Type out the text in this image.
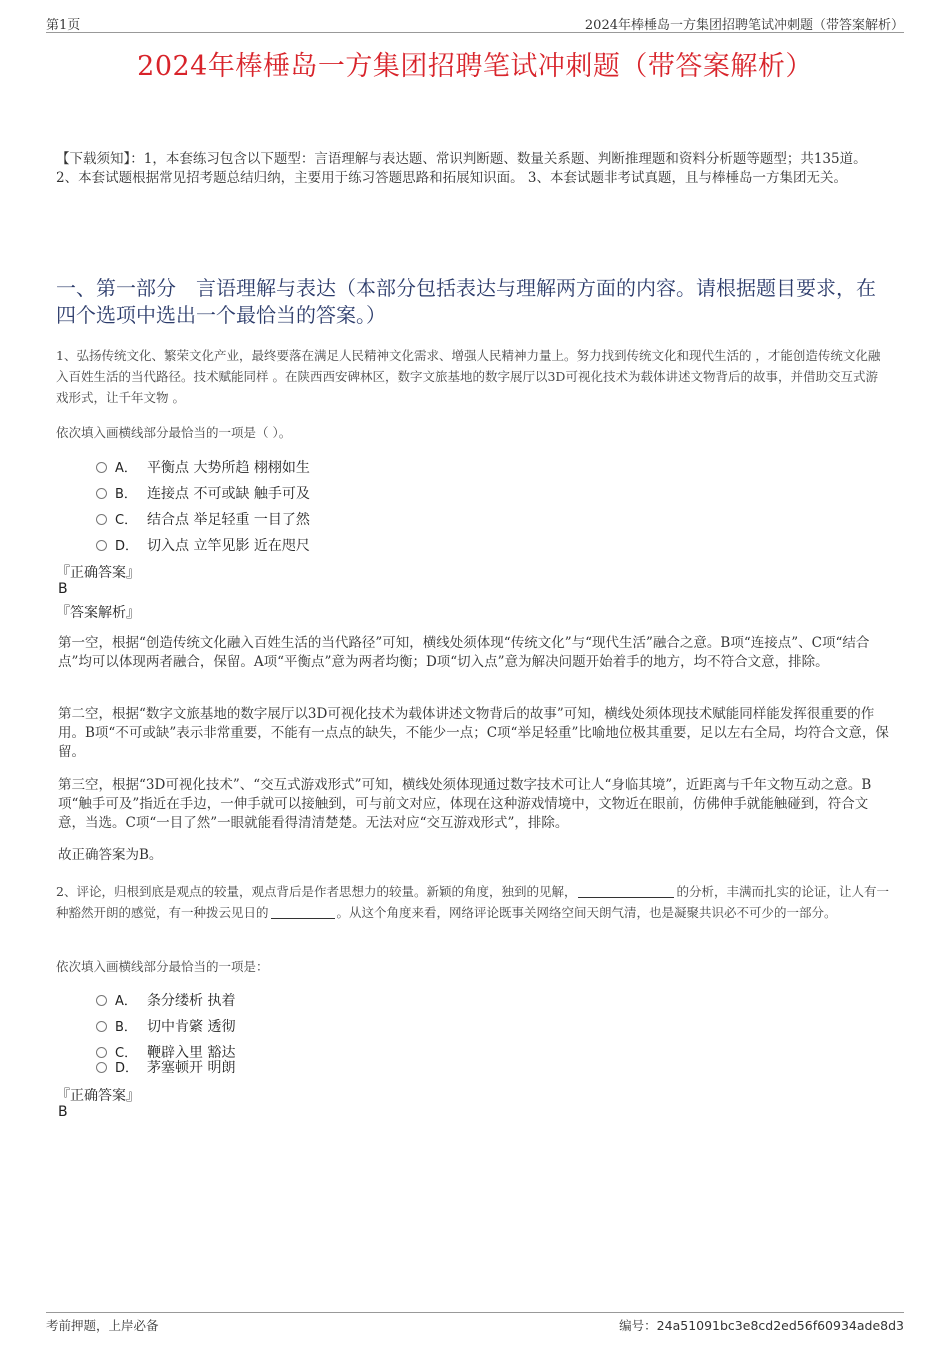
第1页	2024年棒棰岛一方集团招聘笔试冲刺题（带答案解析）
2024年棒棰岛一方集团招聘笔试冲刺题（带答案解析）
【下载须知】：1，本套练习包含以下题型：言语理解与表达题、常识判断题、数量关系题、判断推理题和资料分析题等题型；共135道。 2、本套试题根据常见招考题总结归纳，主要用于练习答题思路和拓展知识面。 3、本套试题非考试真题，且与棒棰岛一方集团无关。
一、第一部分　言语理解与表达（本部分包括表达与理解两方面的内容。请根据题目要求，在四个选项中选出一个最恰当的答案。）
1、弘扬传统文化、繁荣文化产业，最终要落在满足人民精神文化需求、增强人民精神力量上。努力找到传统文化和现代生活的 ，才能创造传统文化融入百姓生活的当代路径。技术赋能同样 。在陕西西安碑林区，数字文旅基地的数字展厅以3D可视化技术为载体讲述文物背后的故事，并借助交互式游戏形式，让千年文物 。
依次填入画横线部分最恰当的一项是（ ）。
A． 平衡点 大势所趋 栩栩如生
B． 连接点 不可或缺 触手可及
C． 结合点 举足轻重 一目了然
D． 切入点 立竿见影 近在咫尺
『正确答案』
B
『答案解析』
第一空，根据“创造传统文化融入百姓生活的当代路径”可知，横线处须体现“传统文化”与“现代生活”融合之意。B项“连接点”、C项“结合点”均可以体现两者融合，保留。A项“平衡点”意为两者均衡；D项“切入点”意为解决问题开始着手的地方，均不符合文意，排除。
第二空，根据“数字文旅基地的数字展厅以3D可视化技术为载体讲述文物背后的故事”可知，横线处须体现技术赋能同样能发挥很重要的作用。B项“不可或缺”表示非常重要，不能有一点点的缺失，不能少一点；C项“举足轻重”比喻地位极其重要，足以左右全局，均符合文意，保留。
第三空，根据“3D可视化技术”、“交互式游戏形式”可知，横线处须体现通过数字技术可让人“身临其境”，近距离与千年文物互动之意。B项“触手可及”指近在手边，一伸手就可以接触到，可与前文对应，体现在这种游戏情境中，文物近在眼前，仿佛伸手就能触碰到，符合文意，当选。C项“一目了然”一眼就能看得清清楚楚。无法对应“交互游戏形式”，排除。
故正确答案为B。
2、评论，归根到底是观点的较量，观点背后是作者思想力的较量。新颖的角度，独到的见解，	的分析，丰满而扎实的论证，让人有一种豁然开朗的感觉，有一种拨云见日的	。从这个角度来看，网络评论既事关网络空间天朗气清，也是凝聚共识必不可少的一部分。
依次填入画横线部分最恰当的一项是：
A． 条分缕析 执着
B． 切中肯綮 透彻
C． 鞭辟入里 豁达
D． 茅塞顿开 明朗
『正确答案』
B
考前押题，上岸必备	编号：24a51091bc3e8cd2ed56f60934ade8d3
